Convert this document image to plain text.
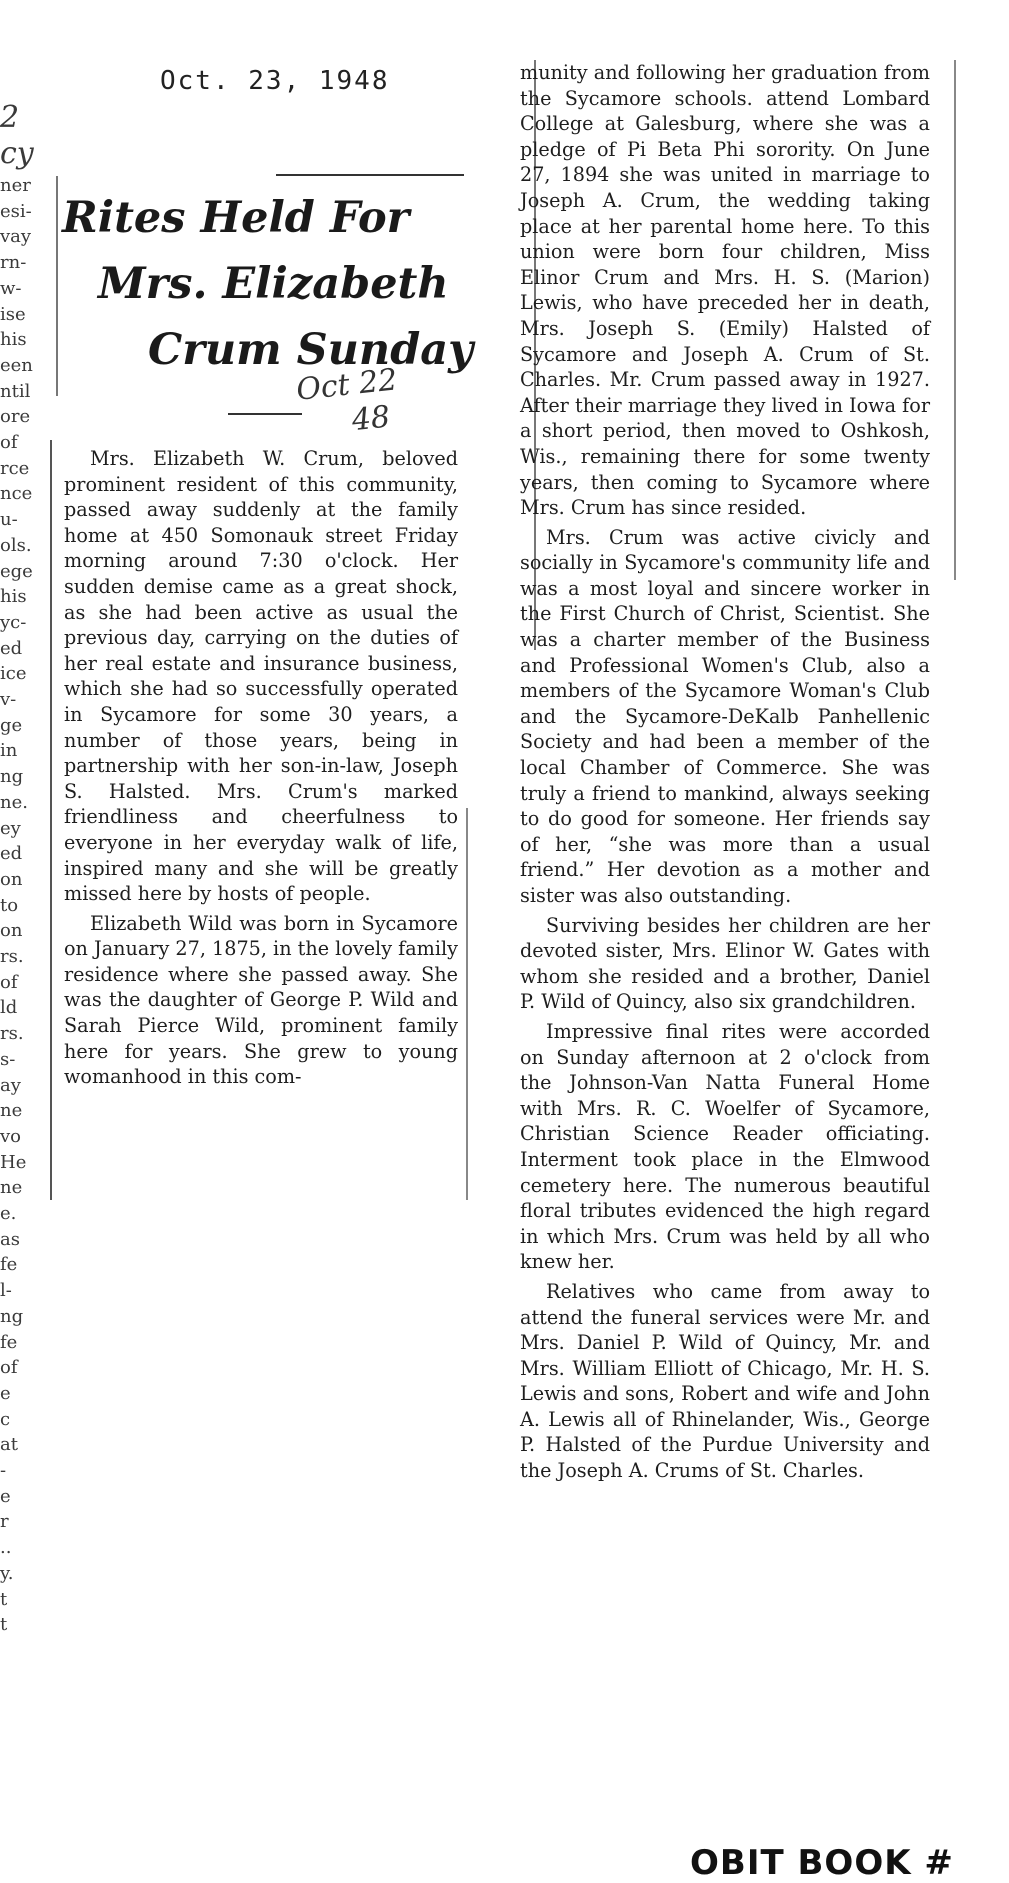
2
cy
ner
esi-
vay
rn-
w-
ise
his
een
ntil
ore
of
rce
nce
u-
ols.
ege
his
yc-
ed
ice
v-
ge
in
ng
ne.
ey
ed
on
to
on
rs.
of
ld
rs.
s-
ay
ne
vo
He
ne
e.
as
fe
l-
ng
fe
of
e
c
at
-
e
r
..
y.
t
t
Oct. 23, 1948
Rites Held For
Mrs. Elizabeth
Crum Sunday
Oct 22
48

Mrs. Elizabeth W. Crum, beloved prominent resident of this community, passed away suddenly at the family home at 450 Somonauk street Friday morning around 7:30 o'clock. Her sudden demise came as a great shock, as she had been active as usual the previous day, carrying on the duties of her real estate and insurance business, which she had so successfully operated in Sycamore for some 30 years, a number of those years, being in partnership with her son-in-law, Joseph S. Halsted. Mrs. Crum's marked friendliness and cheerfulness to everyone in her everyday walk of life, inspired many and she will be greatly missed here by hosts of people.

Elizabeth Wild was born in Sycamore on January 27, 1875, in the lovely family residence where she passed away. She was the daughter of George P. Wild and Sarah Pierce Wild, prominent family here for years. She grew to young womanhood in this com-

munity and following her graduation from the Sycamore schools. attend Lombard College at Galesburg, where she was a pledge of Pi Beta Phi sorority. On June 27, 1894 she was united in marriage to Joseph A. Crum, the wedding taking place at her parental home here. To this union were born four children, Miss Elinor Crum and Mrs. H. S. (Marion) Lewis, who have preceded her in death, Mrs. Joseph S. (Emily) Halsted of Sycamore and Joseph A. Crum of St. Charles. Mr. Crum passed away in 1927. After their marriage they lived in Iowa for a short period, then moved to Oshkosh, Wis., remaining there for some twenty years, then coming to Sycamore where Mrs. Crum has since resided.

Mrs. Crum was active civicly and socially in Sycamore's community life and was a most loyal and sincere worker in the First Church of Christ, Scientist. She was a charter member of the Business and Professional Women's Club, also a members of the Sycamore Woman's Club and the Sycamore-DeKalb Panhellenic Society and had been a member of the local Chamber of Commerce. She was truly a friend to mankind, always seeking to do good for someone. Her friends say of her, “she was more than a usual friend.” Her devotion as a mother and sister was also outstanding.

Surviving besides her children are her devoted sister, Mrs. Elinor W. Gates with whom she resided and a brother, Daniel P. Wild of Quincy, also six grandchildren.

Impressive final rites were accorded on Sunday afternoon at 2 o'clock from the Johnson-Van Natta Funeral Home with Mrs. R. C. Woelfer of Sycamore, Christian Science Reader officiating. Interment took place in the Elmwood cemetery here. The numerous beautiful floral tributes evidenced the high regard in which Mrs. Crum was held by all who knew her.

Relatives who came from away to attend the funeral services were Mr. and Mrs. Daniel P. Wild of Quincy, Mr. and Mrs. William Elliott of Chicago, Mr. H. S. Lewis and sons, Robert and wife and John A. Lewis all of Rhinelander, Wis., George P. Halsted of the Purdue University and the Joseph A. Crums of St. Charles.

OBIT BOOK #
